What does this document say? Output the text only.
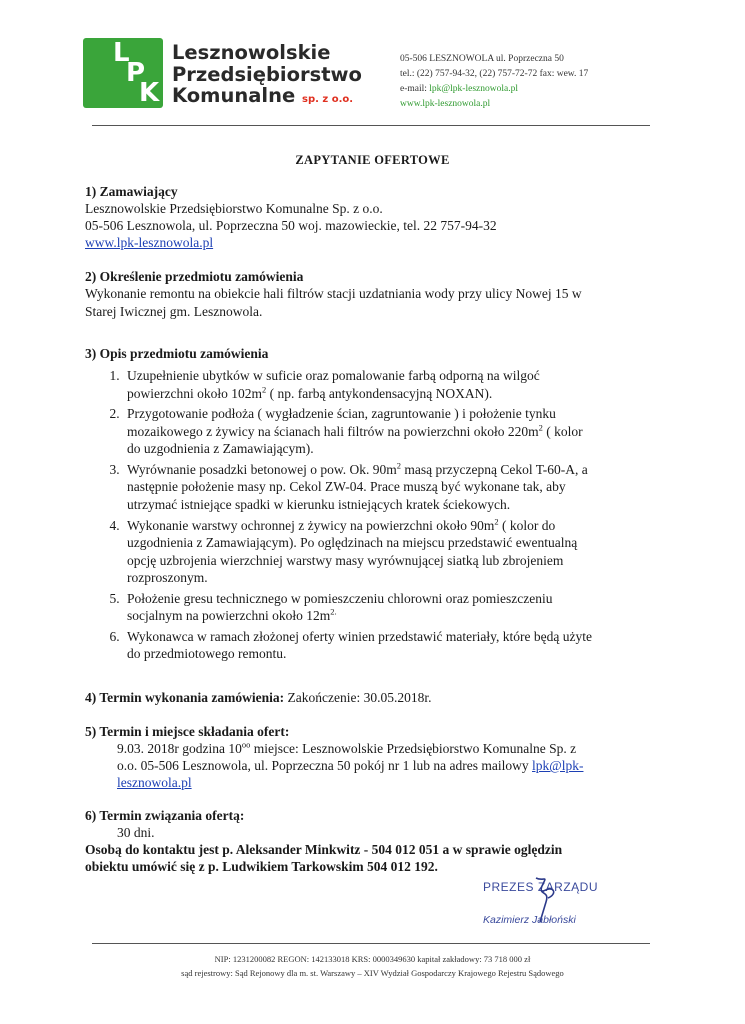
L
P
K
Lesznowolskie
Przedsiębiorstwo
Komunalne sp. z o.o.
05-506 LESZNOWOLA ul. Poprzeczna 50
tel.: (22) 757-94-32, (22) 757-72-72 fax: wew. 17
e-mail: lpk@lpk-lesznowola.pl
www.lpk-lesznowola.pl
ZAPYTANIE OFERTOWE
1) Zamawiający
Lesznowolskie Przedsiębiorstwo Komunalne Sp. z o.o.
05-506 Lesznowola, ul. Poprzeczna 50 woj. mazowieckie, tel. 22 757-94-32
www.lpk-lesznowola.pl
2) Określenie przedmiotu zamówienia
Wykonanie remontu na obiekcie hali filtrów stacji uzdatniania wody przy ulicy Nowej 15 w
Starej Iwicznej gm. Lesznowola.
3) Opis przedmiotu zamówienia
1. Uzupełnienie ubytków w suficie oraz pomalowanie farbą odporną na wilgoć
powierzchni około $102m^2$ ( np. farbą antykondensacyjną NOXAN).
2. Przygotowanie podłoża ( wygładzenie ścian, zagruntowanie ) i położenie tynku
mozaikowego z żywicy na ścianach hali filtrów na powierzchni około $220m^2$ ( kolor
do uzgodnienia z Zamawiającym).
3. Wyrównanie posadzki betonowej o pow. Ok. $90m^2$ masą przyczepną Cekol T-60-A, a
następnie położenie masy np. Cekol ZW-04. Prace muszą być wykonane tak, aby
utrzymać istniejące spadki w kierunku istniejących kratek ściekowych.
4. Wykonanie warstwy ochronnej z żywicy na powierzchni około $90m^2$ ( kolor do
uzgodnienia z Zamawiającym). Po oględzinach na miejscu przedstawić ewentualną
opcję uzbrojenia wierzchniej warstwy masy wyrównującej siatką lub zbrojeniem
rozproszonym.
5. Położenie gresu technicznego w pomieszczeniu chlorowni oraz pomieszczeniu
socjalnym na powierzchni około $12m^{2.}$
6. Wykonawca w ramach złożonej oferty winien przedstawić materiały, które będą użyte
do przedmiotowego remontu.
4) Termin wykonania zamówienia: Zakończenie: 30.05.2018r.
5) Termin i miejsce składania ofert:
9.03. 2018r godzina $10^{oo}$ miejsce: Lesznowolskie Przedsiębiorstwo Komunalne Sp. z
o.o. 05-506 Lesznowola, ul. Poprzeczna 50 pokój nr 1 lub na adres mailowy lpk@lpk-
lesznowola.pl
6) Termin związania ofertą:
30 dni.
Osobą do kontaktu jest p. Aleksander Minkwitz - 504 012 051 a w sprawie oględzin
obiektu umówić się z p. Ludwikiem Tarkowskim 504 012 192.
PREZES ZARZĄDU
Kazimierz Jabłoński
NIP: 1231200082 REGON: 142133018 KRS: 0000349630 kapitał zakładowy: 73 718 000 zł
sąd rejestrowy: Sąd Rejonowy dla m. st. Warszawy – XIV Wydział Gospodarczy Krajowego Rejestru Sądowego
